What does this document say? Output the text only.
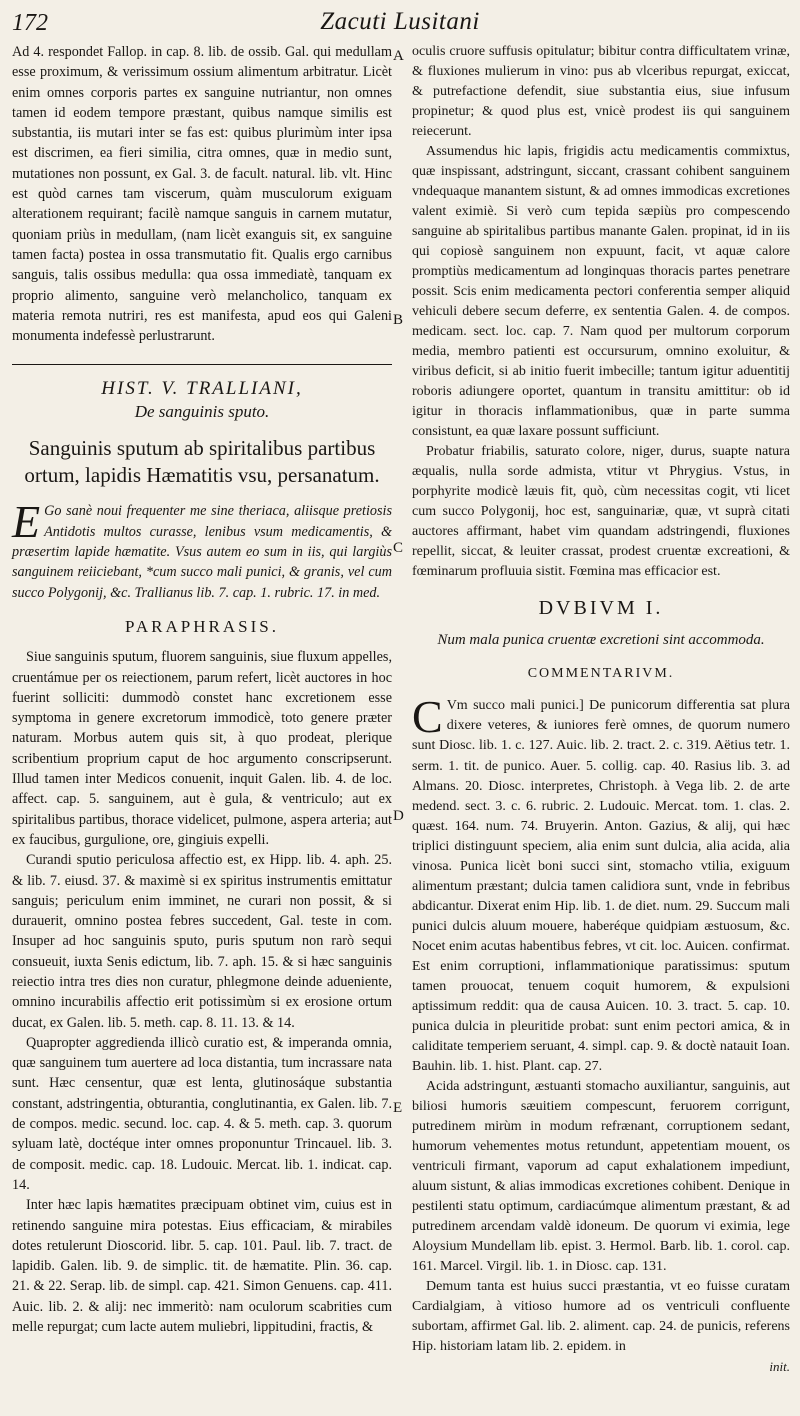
172	Zacuti Lusitani
A
B
C
D
E

Ad 4. respondet Fallop. in cap. 8. lib. de ossib. Gal. qui medullam esse proximum, & verissimum ossium alimentum arbitratur. Licèt enim omnes corporis partes ex sanguine nutriantur, non omnes tamen id eodem tempore præstant, quibus namque similis est substantia, iis mutari inter se fas est: quibus plurimùm inter ipsa est discrimen, ea fieri similia, citra omnes, quæ in medio sunt, mutationes non possunt, ex Gal. 3. de facult. natural. lib. vlt. Hinc est quòd carnes tam viscerum, quàm musculorum exiguam alterationem requirant; facilè namque sanguis in carnem mutatur, quoniam priùs in medullam, (nam licèt exanguis sit, ex sanguine tamen facta) postea in ossa transmutatio fit. Qualis ergo carnibus sanguis, talis ossibus medulla: qua ossa immediatè, tanquam ex proprio alimento, sanguine verò melancholico, tanquam ex materia remota nutriri, res est manifesta, apud eos qui Galeni monumenta indefessè perlustrarunt.

HIST. V. TRALLIANI,
De sanguinis sputo.
Sanguinis sputum ab spiritalibus partibus ortum, lapidis Hæmatitis vsu, persanatum.

E Go sanè noui frequenter me sine theriaca, aliisque pretiosis Antidotis multos curasse, lenibus vsum medicamentis, & præsertim lapide hæmatite. Vsus autem eo sum in iis, qui largiùs sanguinem reiiciebant, *cum succo mali punici, & granis, vel cum succo Polygonij, &c. Trallianus lib. 7. cap. 1. rubric. 17. in med.

PARAPHRASIS.

Siue sanguinis sputum, fluorem sanguinis, siue fluxum appelles, cruentámue per os reiectionem, parum refert, licèt auctores in hoc fuerint solliciti: dummodò constet hanc excretionem esse symptoma in genere excretorum immodicè, toto genere præter naturam. Morbus autem quis sit, à quo prodeat, plerique scribentium proprium caput de hoc argumento conscripserunt. Illud tamen inter Medicos conuenit, inquit Galen. lib. 4. de loc. affect. cap. 5. sanguinem, aut è gula, & ventriculo; aut ex spiritalibus partibus, thorace videlicet, pulmone, aspera arteria; aut ex faucibus, gurgulione, ore, gingiuis expelli.

Curandi sputio periculosa affectio est, ex Hipp. lib. 4. aph. 25. & lib. 7. eiusd. 37. & maximè si ex spiritus instrumentis emittatur sanguis; periculum enim imminet, ne curari non possit, & si durauerit, omnino postea febres succedent, Gal. teste in com. Insuper ad hoc sanguinis sputo, puris sputum non rarò sequi consueuit, iuxta Senis edictum, lib. 7. aph. 15. & si hæc sanguinis reiectio intra tres dies non curatur, phlegmone deinde adueniente, omnino incurabilis affectio erit potissimùm si ex erosione ortum ducat, ex Galen. lib. 5. meth. cap. 8. 11. 13. & 14.

Quapropter aggredienda illicò curatio est, & imperanda omnia, quæ sanguinem tum auertere ad loca distantia, tum incrassare nata sunt. Hæc censentur, quæ est lenta, glutinosáque substantia constant, adstringentia, obturantia, conglutinantia, ex Galen. lib. 7. de compos. medic. secund. loc. cap. 4. & 5. meth. cap. 3. quorum syluam latè, doctéque inter omnes proponuntur Trincauel. lib. 3. de composit. medic. cap. 18. Ludouic. Mercat. lib. 1. indicat. cap. 14.

Inter hæc lapis hæmatites præcipuam obtinet vim, cuius est in retinendo sanguine mira potestas. Eius efficaciam, & mirabiles dotes retulerunt Dioscorid. libr. 5. cap. 101. Paul. lib. 7. tract. de lapidib. Galen. lib. 9. de simplic. tit. de hæmatite. Plin. 36. cap. 21. & 22. Serap. lib. de simpl. cap. 421. Simon Genuens. cap. 411. Auic. lib. 2. & alij: nec immeritò: nam oculorum scabrities cum melle repurgat; cum lacte autem muliebri, lippitudini, fractis, &

oculis cruore suffusis opitulatur; bibitur contra difficultatem vrinæ, & fluxiones mulierum in vino: pus ab vlceribus repurgat, exiccat, & putrefactione defendit, siue substantia eius, siue infusum propinetur; & quod plus est, vnicè prodest iis qui sanguinem reiecerunt.

Assumendus hic lapis, frigidis actu medicamentis commixtus, quæ inspissant, adstringunt, siccant, crassant cohibent sanguinem vndequaque manantem sistunt, & ad omnes immodicas excretiones valent eximiè. Si verò cum tepida sæpiùs pro compescendo sanguine ab spiritalibus partibus manante Galen. propinat, id in iis qui copiosè sanguinem non expuunt, facit, vt aquæ calore promptiùs medicamentum ad longinquas thoracis partes penetrare possit. Scis enim medicamenta pectori conferentia semper aliquid vehiculi debere secum deferre, ex sententia Galen. 4. de compos. medicam. sect. loc. cap. 7. Nam quod per multorum corporum media, membro patienti est occursurum, omnino exoluitur, & viribus deficit, si ab initio fuerit imbecille; tantum igitur aduentitij roboris adiungere oportet, quantum in transitu amittitur: ob id igitur in thoracis inflammationibus, quæ in parte summa consistunt, ea quæ laxare possunt sufficiunt.

Probatur friabilis, saturato colore, niger, durus, suapte natura æqualis, nulla sorde admista, vtitur vt Phrygius. Vstus, in porphyrite modicè læuis fit, quò, cùm necessitas cogit, vti licet cum succo Polygonij, hoc est, sanguinariæ, quæ, vt suprà citati auctores affirmant, habet vim quandam adstringendi, fluxiones repellit, siccat, & leuiter crassat, prodest cruentæ excreationi, & fœminarum profluuia sistit. Fœmina mas efficacior est.

DVBIVM I.
Num mala punica cruentæ excretioni sint accommoda.
COMMENTARIVM.

C Vm succo mali punici.] De punicorum differentia sat plura dixere veteres, & iuniores ferè omnes, de quorum numero sunt Diosc. lib. 1. c. 127. Auic. lib. 2. tract. 2. c. 319. Aëtius tetr. 1. serm. 1. tit. de punico. Auer. 5. collig. cap. 40. Rasius lib. 3. ad Almans. 20. Diosc. interpretes, Christoph. à Vega lib. 2. de arte medend. sect. 3. c. 6. rubric. 2. Ludouic. Mercat. tom. 1. clas. 2. quæst. 164. num. 74. Bruyerin. Anton. Gazius, & alij, qui hæc triplici distinguunt speciem, alia enim sunt dulcia, alia acida, alia vinosa. Punica licèt boni succi sint, stomacho vtilia, exiguum alimentum præstant; dulcia tamen calidiora sunt, vnde in febribus abdicantur. Dixerat enim Hip. lib. 1. de diet. num. 29. Succum mali punici dulcis aluum mouere, haberéque quidpiam æstuosum, &c. Nocet enim acutas habentibus febres, vt cit. loc. Auicen. confirmat. Est enim corruptioni, inflammationique paratissimus: sputum tamen prouocat, tenuem coquit humorem, & expulsioni aptissimum reddit: qua de causa Auicen. 10. 3. tract. 5. cap. 10. punica dulcia in pleuritide probat: sunt enim pectori amica, & in caliditate temperiem seruant, 4. simpl. cap. 9. & doctè natauit Ioan. Bauhin. lib. 1. hist. Plant. cap. 27.

Acida adstringunt, æstuanti stomacho auxiliantur, sanguinis, aut biliosi humoris sæuitiem compescunt, feruorem corrigunt, putredinem mirùm in modum refrænant, corruptionem sedant, humorum vehementes motus retundunt, appetentiam mouent, os ventriculi firmant, vaporum ad caput exhalationem impediunt, aluum sistunt, & alias immodicas excretiones cohibent. Denique in pestilenti statu optimum, cardiacúmque alimentum præstant, & ad putredinem arcendam valdè idoneum. De quorum vi eximia, lege Aloysium Mundellam lib. epist. 3. Hermol. Barb. lib. 1. corol. cap. 161. Marcel. Virgil. lib. 1. in Diosc. cap. 131.

Demum tanta est huius succi præstantia, vt eo fuisse curatam Cardialgiam, à vitioso humore ad os ventriculi confluente subortam, affirmet Gal. lib. 2. aliment. cap. 24. de punicis, referens Hip. historiam latam lib. 2. epidem. in

init.
